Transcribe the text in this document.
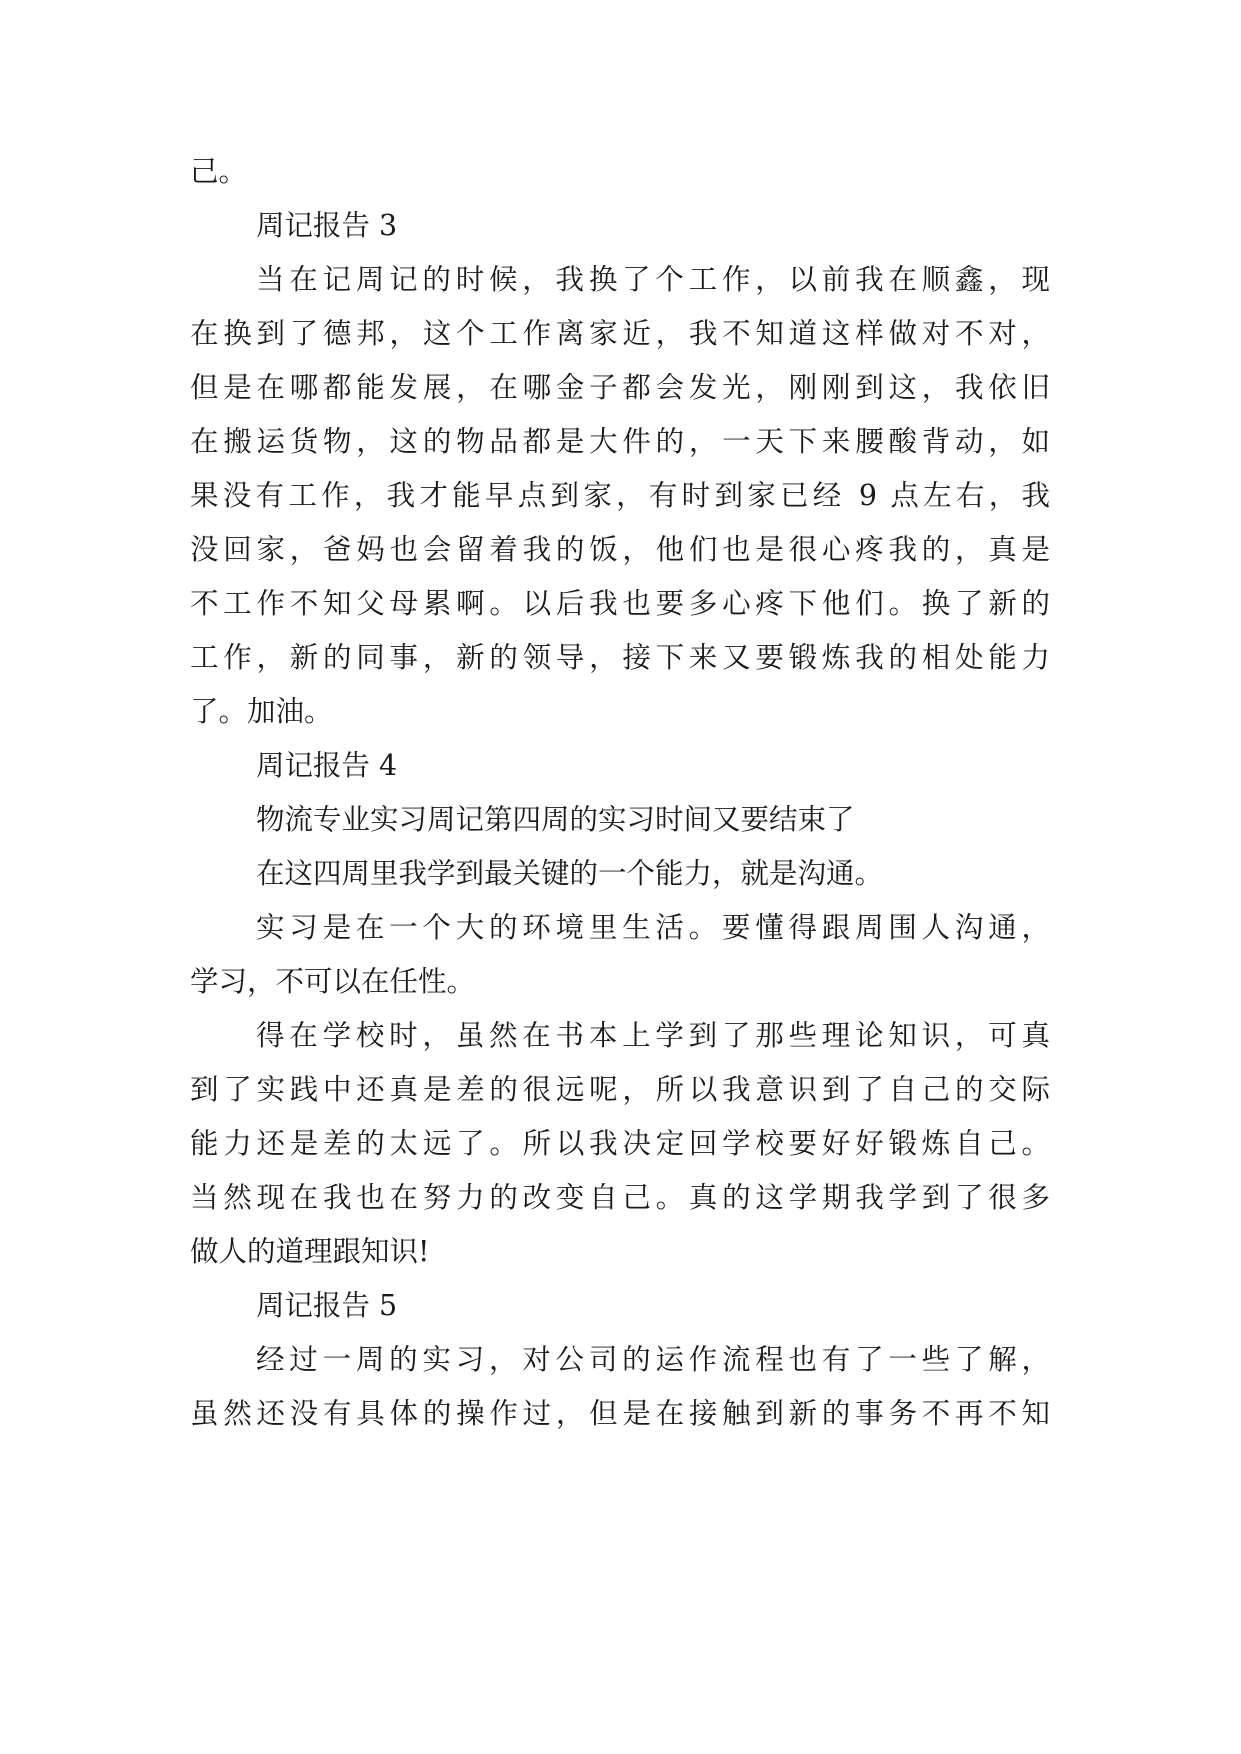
己。
周记报告 3
当在记周记的时候，我换了个工作，以前我在顺鑫，现
在换到了德邦，这个工作离家近，我不知道这样做对不对，
但是在哪都能发展，在哪金子都会发光，刚刚到这，我依旧
在搬运货物，这的物品都是大件的，一天下来腰酸背动，如
果没有工作，我才能早点到家，有时到家已经 9 点左右，我
没回家，爸妈也会留着我的饭，他们也是很心疼我的，真是
不工作不知父母累啊。以后我也要多心疼下他们。换了新的
工作，新的同事，新的领导，接下来又要锻炼我的相处能力
了。加油。
周记报告 4
物流专业实习周记第四周的实习时间又要结束了
在这四周里我学到最关键的一个能力，就是沟通。
实习是在一个大的环境里生活。要懂得跟周围人沟通，
学习，不可以在任性。
得在学校时，虽然在书本上学到了那些理论知识，可真
到了实践中还真是差的很远呢，所以我意识到了自己的交际
能力还是差的太远了。所以我决定回学校要好好锻炼自己。
当然现在我也在努力的改变自己。真的这学期我学到了很多
做人的道理跟知识!
周记报告 5
经过一周的实习，对公司的运作流程也有了一些了解，
虽然还没有具体的操作过，但是在接触到新的事务不再不知
